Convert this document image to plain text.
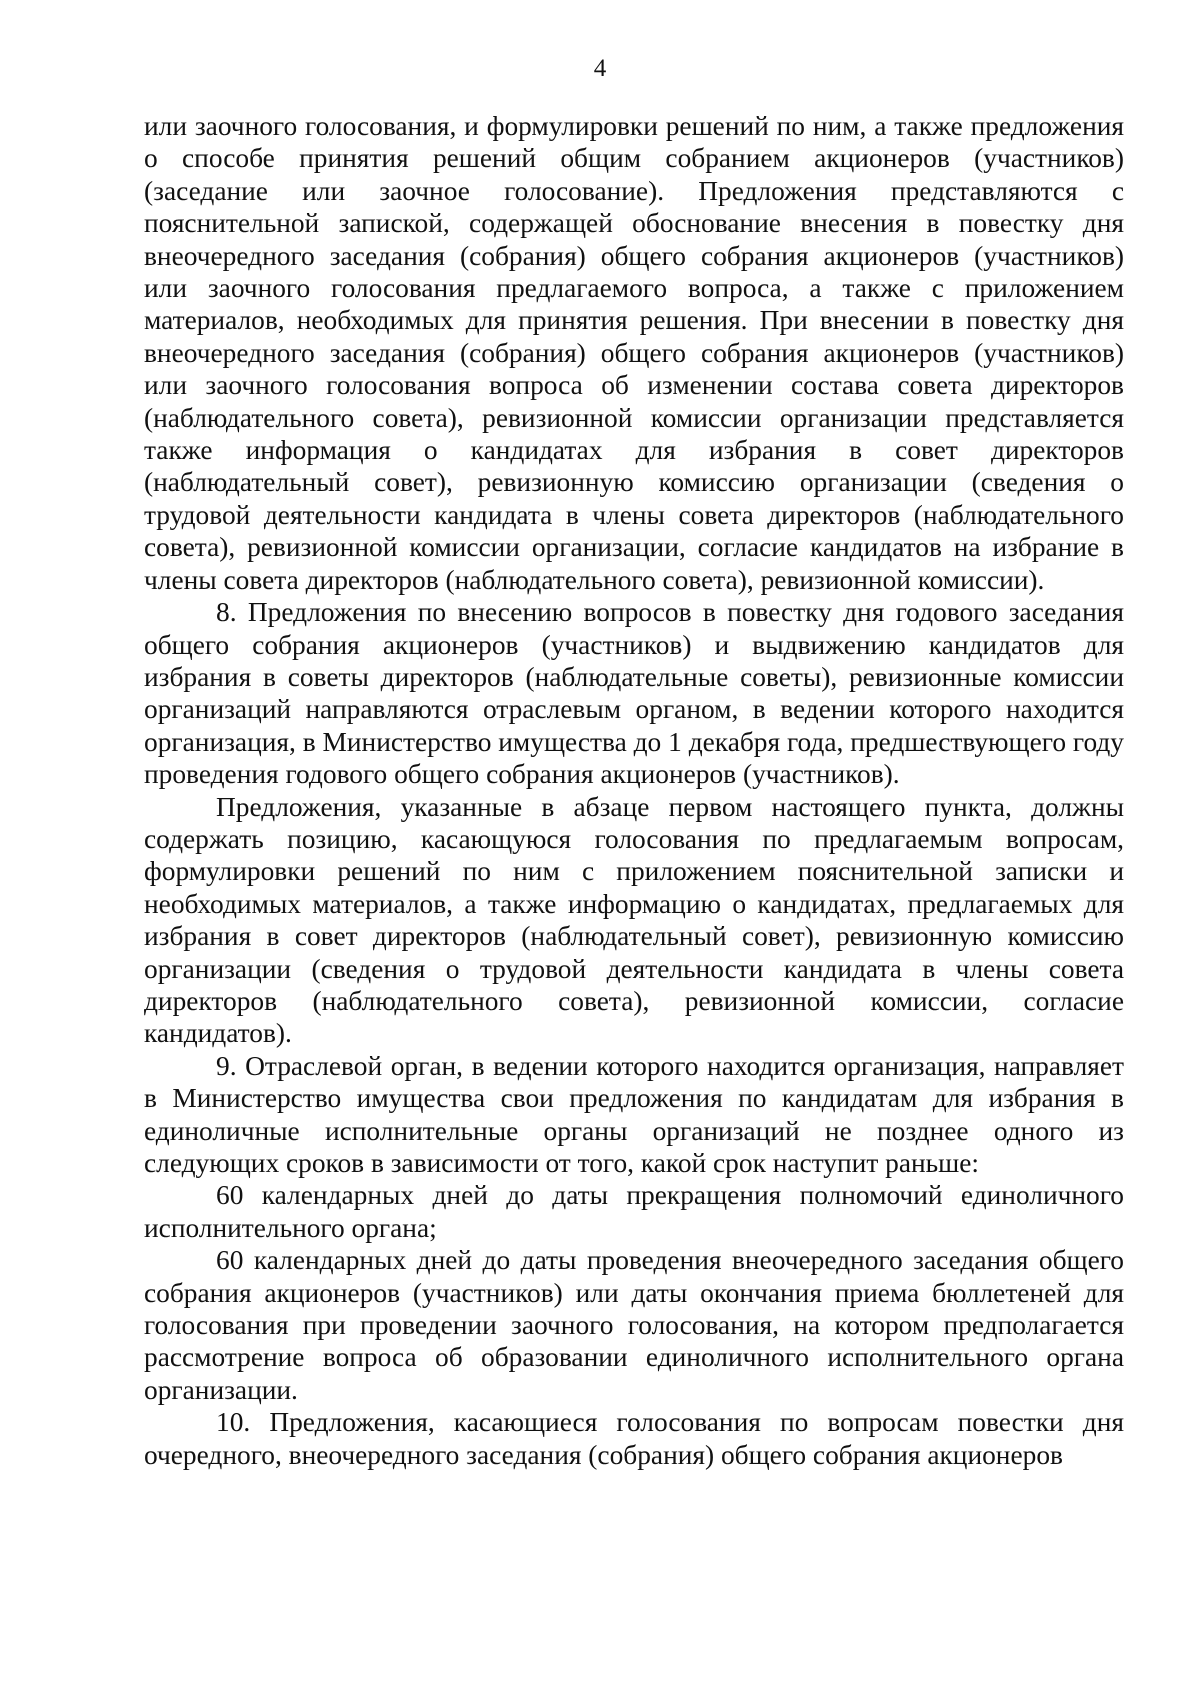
4

или заочного голосования, и формулировки решений по ним, а также предложения о способе принятия решений общим собранием акционеров (участников) (заседание или заочное голосование). Предложения представляются с пояснительной запиской, содержащей обоснование внесения в повестку дня внеочередного заседания (собрания) общего собрания акционеров (участников) или заочного голосования предлагаемого вопроса, а также с приложением материалов, необходимых для принятия решения. При внесении в повестку дня внеочередного заседания (собрания) общего собрания акционеров (участников) или заочного голосования вопроса об изменении состава совета директоров (наблюдательного совета), ревизионной комиссии организации представляется также информация о кандидатах для избрания в совет директоров (наблюдательный совет), ревизионную комиссию организации (сведения о трудовой деятельности кандидата в члены совета директоров (наблюдательного совета), ревизионной комиссии организации, согласие кандидатов на избрание в члены совета директоров (наблюдательного совета), ревизионной комиссии).

8. Предложения по внесению вопросов в повестку дня годового заседания общего собрания акционеров (участников) и выдвижению кандидатов для избрания в советы директоров (наблюдательные советы), ревизионные комиссии организаций направляются отраслевым органом, в ведении которого находится организация, в Министерство имущества до 1 декабря года, предшествующего году проведения годового общего собрания акционеров (участников).

Предложения, указанные в абзаце первом настоящего пункта, должны содержать позицию, касающуюся голосования по предлагаемым вопросам, формулировки решений по ним с приложением пояснительной записки и необходимых материалов, а также информацию о кандидатах, предлагаемых для избрания в совет директоров (наблюдательный совет), ревизионную комиссию организации (сведения о трудовой деятельности кандидата в члены совета директоров (наблюдательного совета), ревизионной комиссии, согласие кандидатов).

9. Отраслевой орган, в ведении которого находится организация, направляет в Министерство имущества свои предложения по кандидатам для избрания в единоличные исполнительные органы организаций не позднее одного из следующих сроков в зависимости от того, какой срок наступит раньше:

60 календарных дней до даты прекращения полномочий единоличного исполнительного органа;

60 календарных дней до даты проведения внеочередного заседания общего собрания акционеров (участников) или даты окончания приема бюллетеней для голосования при проведении заочного голосования, на котором предполагается рассмотрение вопроса об образовании единоличного исполнительного органа организации.

10. Предложения, касающиеся голосования по вопросам повестки дня очередного, внеочередного заседания (собрания) общего собрания акционеров
